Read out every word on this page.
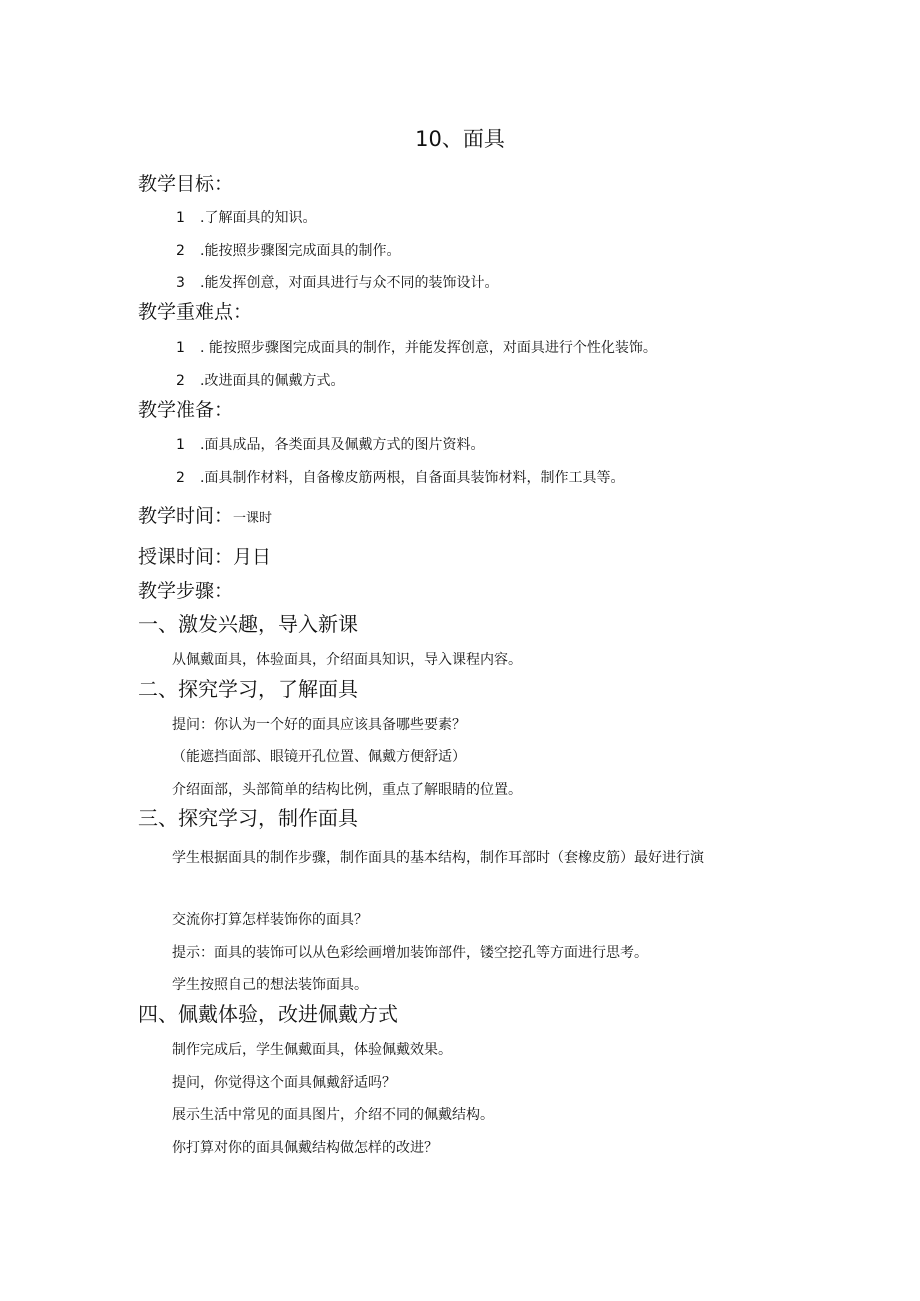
10、面具
教学目标：
1 .了解面具的知识。
2 .能按照步骤图完成面具的制作。
3 .能发挥创意，对面具进行与众不同的装饰设计。
教学重难点：
1 . 能按照步骤图完成面具的制作，并能发挥创意，对面具进行个性化装饰。
2 .改进面具的佩戴方式。
教学准备：
1 .面具成品，各类面具及佩戴方式的图片资料。
2 .面具制作材料，自备橡皮筋两根，自备面具装饰材料，制作工具等。
教学时间：一课时
授课时间：月日
教学步骤：
一、激发兴趣，导入新课
从佩戴面具，体验面具，介绍面具知识，导入课程内容。
二、探究学习，了解面具
提问：你认为一个好的面具应该具备哪些要素？
（能遮挡面部、眼镜开孔位置、佩戴方便舒适）
介绍面部，头部简单的结构比例，重点了解眼睛的位置。
三、探究学习，制作面具
学生根据面具的制作步骤，制作面具的基本结构，制作耳部时（套橡皮筋）最好进行演
交流你打算怎样装饰你的面具？
提示：面具的装饰可以从色彩绘画增加装饰部件，镂空挖孔等方面进行思考。
学生按照自己的想法装饰面具。
四、佩戴体验，改进佩戴方式
制作完成后，学生佩戴面具，体验佩戴效果。
提问，你觉得这个面具佩戴舒适吗？
展示生活中常见的面具图片，介绍不同的佩戴结构。
你打算对你的面具佩戴结构做怎样的改进？
